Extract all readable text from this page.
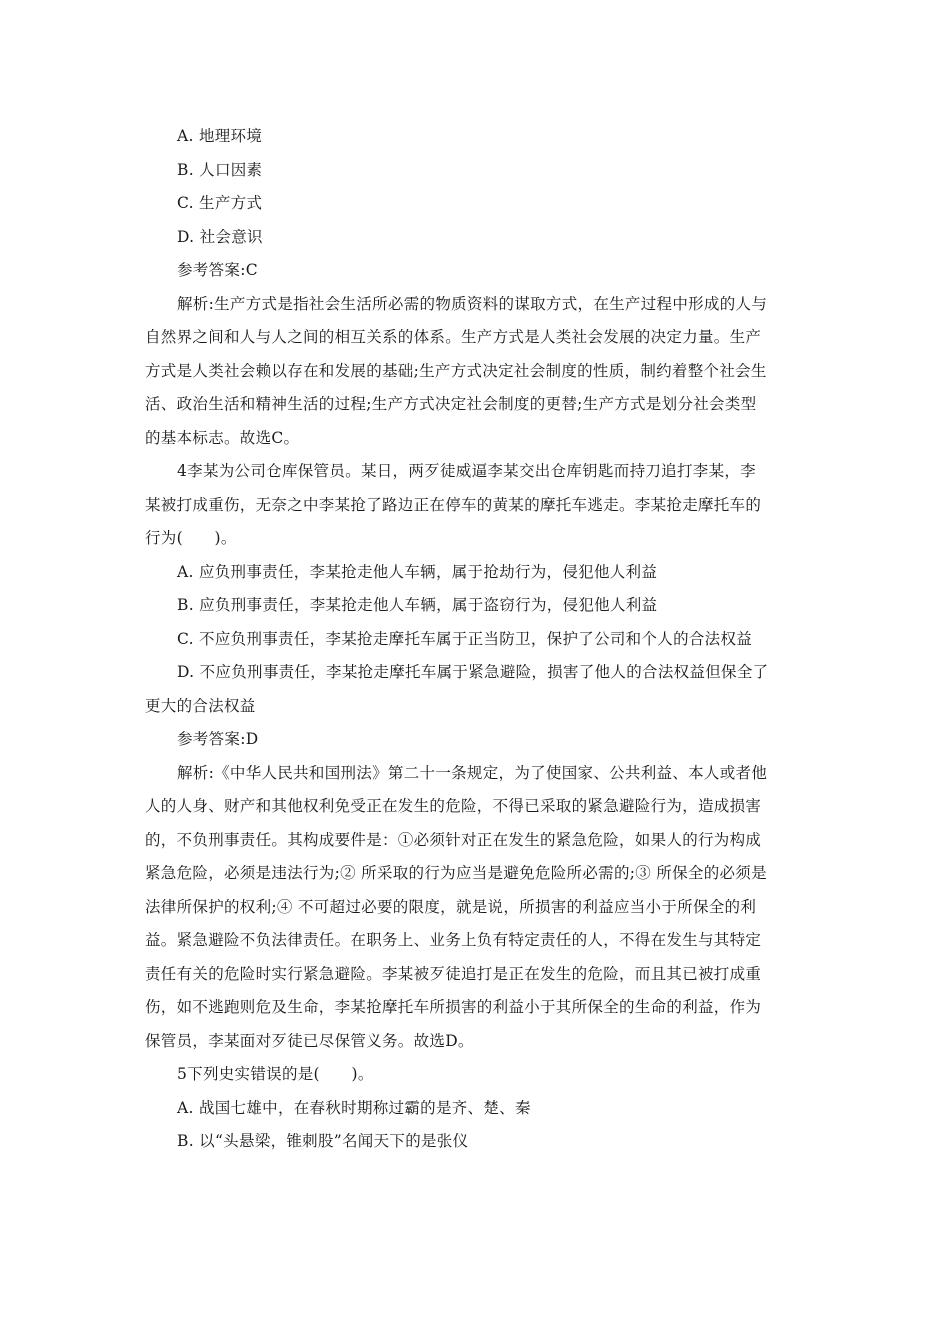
A. 地理环境
B. 人口因素
C. 生产方式
D. 社会意识
参考答案:C
解析:生产方式是指社会生活所必需的物质资料的谋取方式，在生产过程中形成的人与
自然界之间和人与人之间的相互关系的体系。生产方式是人类社会发展的决定力量。生产
方式是人类社会赖以存在和发展的基础;生产方式决定社会制度的性质，制约着整个社会生
活、政治生活和精神生活的过程;生产方式决定社会制度的更替;生产方式是划分社会类型
的基本标志。故选C。
4李某为公司仓库保管员。某日，两歹徒威逼李某交出仓库钥匙而持刀追打李某，李
某被打成重伤，无奈之中李某抢了路边正在停车的黄某的摩托车逃走。李某抢走摩托车的
行为(　　)。
A. 应负刑事责任，李某抢走他人车辆，属于抢劫行为，侵犯他人利益
B. 应负刑事责任，李某抢走他人车辆，属于盗窃行为，侵犯他人利益
C. 不应负刑事责任，李某抢走摩托车属于正当防卫，保护了公司和个人的合法权益
D. 不应负刑事责任，李某抢走摩托车属于紧急避险，损害了他人的合法权益但保全了
更大的合法权益
参考答案:D
解析:《中华人民共和国刑法》第二十一条规定，为了使国家、公共利益、本人或者他
人的人身、财产和其他权利免受正在发生的危险，不得已采取的紧急避险行为，造成损害
的，不负刑事责任。其构成要件是：①必须针对正在发生的紧急危险，如果人的行为构成
紧急危险，必须是违法行为;② 所采取的行为应当是避免危险所必需的;③ 所保全的必须是
法律所保护的权利;④ 不可超过必要的限度，就是说，所损害的利益应当小于所保全的利
益。紧急避险不负法律责任。在职务上、业务上负有特定责任的人，不得在发生与其特定
责任有关的危险时实行紧急避险。李某被歹徒追打是正在发生的危险，而且其已被打成重
伤，如不逃跑则危及生命，李某抢摩托车所损害的利益小于其所保全的生命的利益，作为
保管员，李某面对歹徒已尽保管义务。故选D。
5下列史实错误的是(　　)。
A. 战国七雄中，在春秋时期称过霸的是齐、楚、秦
B. 以“头悬梁，锥刺股”名闻天下的是张仪
